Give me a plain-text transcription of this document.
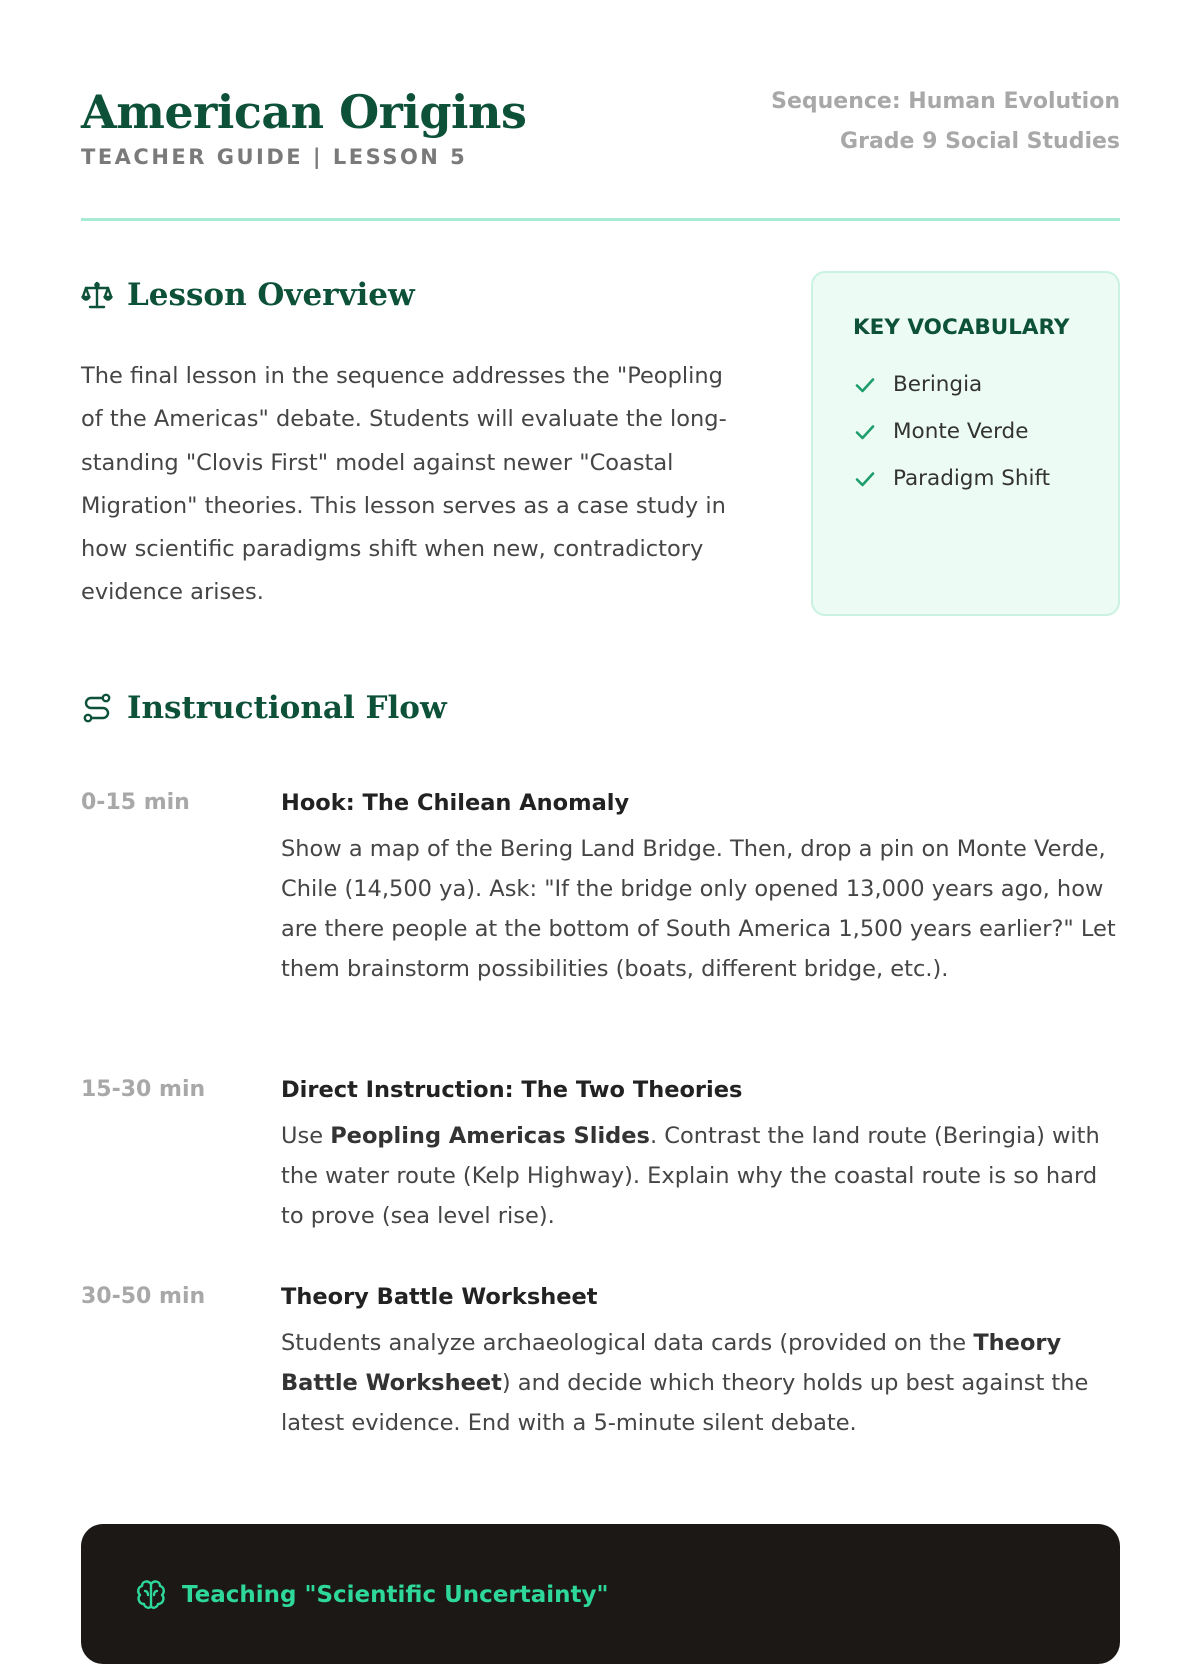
American Origins
TEACHER GUIDE | LESSON 5
Sequence: Human Evolution
Grade 9 Social Studies
Lesson Overview

The final lesson in the sequence addresses the "Peopling of the Americas" debate. Students will evaluate the long-standing "Clovis First" model against newer "Coastal Migration" theories. This lesson serves as a case study in how scientific paradigms shift when new, contradictory evidence arises.

KEY VOCABULARY
Beringia
Monte Verde
Paradigm Shift
Instructional Flow
0-15 min	Hook: The Chilean Anomaly

Show a map of the Bering Land Bridge. Then, drop a pin on Monte Verde, Chile (14,500 ya). Ask: "If the bridge only opened 13,000 years ago, how are there people at the bottom of South America 1,500 years earlier?" Let them brainstorm possibilities (boats, different bridge, etc.).

15-30 min	Direct Instruction: The Two Theories

Use Peopling Americas Slides. Contrast the land route (Beringia) with the water route (Kelp Highway). Explain why the coastal route is so hard to prove (sea level rise).

30-50 min	Theory Battle Worksheet

Students analyze archaeological data cards (provided on the Theory Battle Worksheet) and decide which theory holds up best against the latest evidence. End with a 5-minute silent debate.

Teaching "Scientific Uncertainty"
